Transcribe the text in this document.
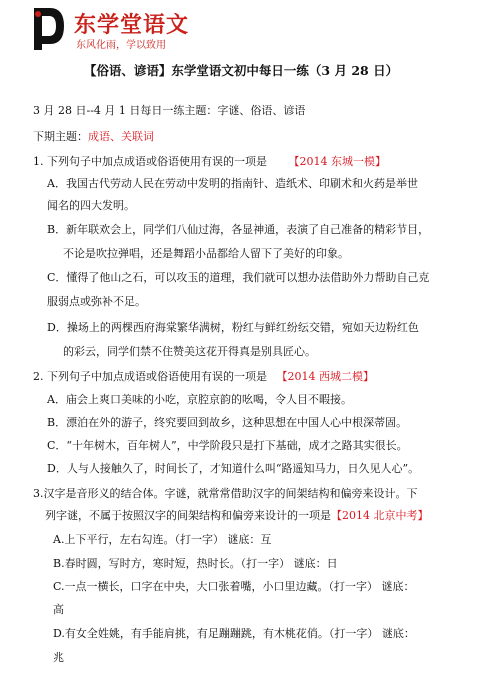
东学堂语文
东风化雨，学以致用
【俗语、谚语】东学堂语文初中每日一练（3 月 28 日）
3 月 28 日--4 月 1 日每日一练主题：字谜、俗语、谚语
下期主题：成语、关联词
1. 下列句子中加点成语或俗语使用有误的一项是 【2014 东城一模】
A．我国古代劳动人民在劳动中发明的指南针、造纸术、印刷术和火药是举世
闻名的四大发明。
B．新年联欢会上，同学们八仙过海，各显神通，表演了自己准备的精彩节目，
不论是吹拉弹唱，还是舞蹈小品都给人留下了美好的印象。
C．懂得了他山之石，可以攻玉的道理，我们就可以想办法借助外力帮助自己克
服弱点或弥补不足。
D．操场上的两棵西府海棠繁华满树，粉红与鲜红纷纭交错，宛如天边粉红色
的彩云，同学们禁不住赞美这花开得真是别具匠心。
2. 下列句子中加点成语或俗语使用有误的一项是 【2014 西城二模】
A．庙会上爽口美味的小吃，京腔京韵的吆喝，令人目不暇接。
B．漂泊在外的游子，终究要回到故乡，这种思想在中国人心中根深蒂固。
C．“十年树木，百年树人”，中学阶段只是打下基础，成才之路其实很长。
D．人与人接触久了，时间长了，才知道什么叫“路遥知马力，日久见人心”。
3.汉字是音形义的结合体。字谜，就常常借助汉字的间架结构和偏旁来设计。下
列字谜，不属于按照汉字的间架结构和偏旁来设计的一项是【2014 北京中考】
A.上下平行，左右勾连。（打一字） 谜底：互
B.春时圆，写时方，寒时短，热时长。（打一字） 谜底：日
C.一点一横长，口字在中央，大口张着嘴，小口里边藏。（打一字） 谜底：
高
D.有女全姓姚，有手能肩挑，有足蹦蹦跳，有木桃花俏。（打一字） 谜底：
兆
